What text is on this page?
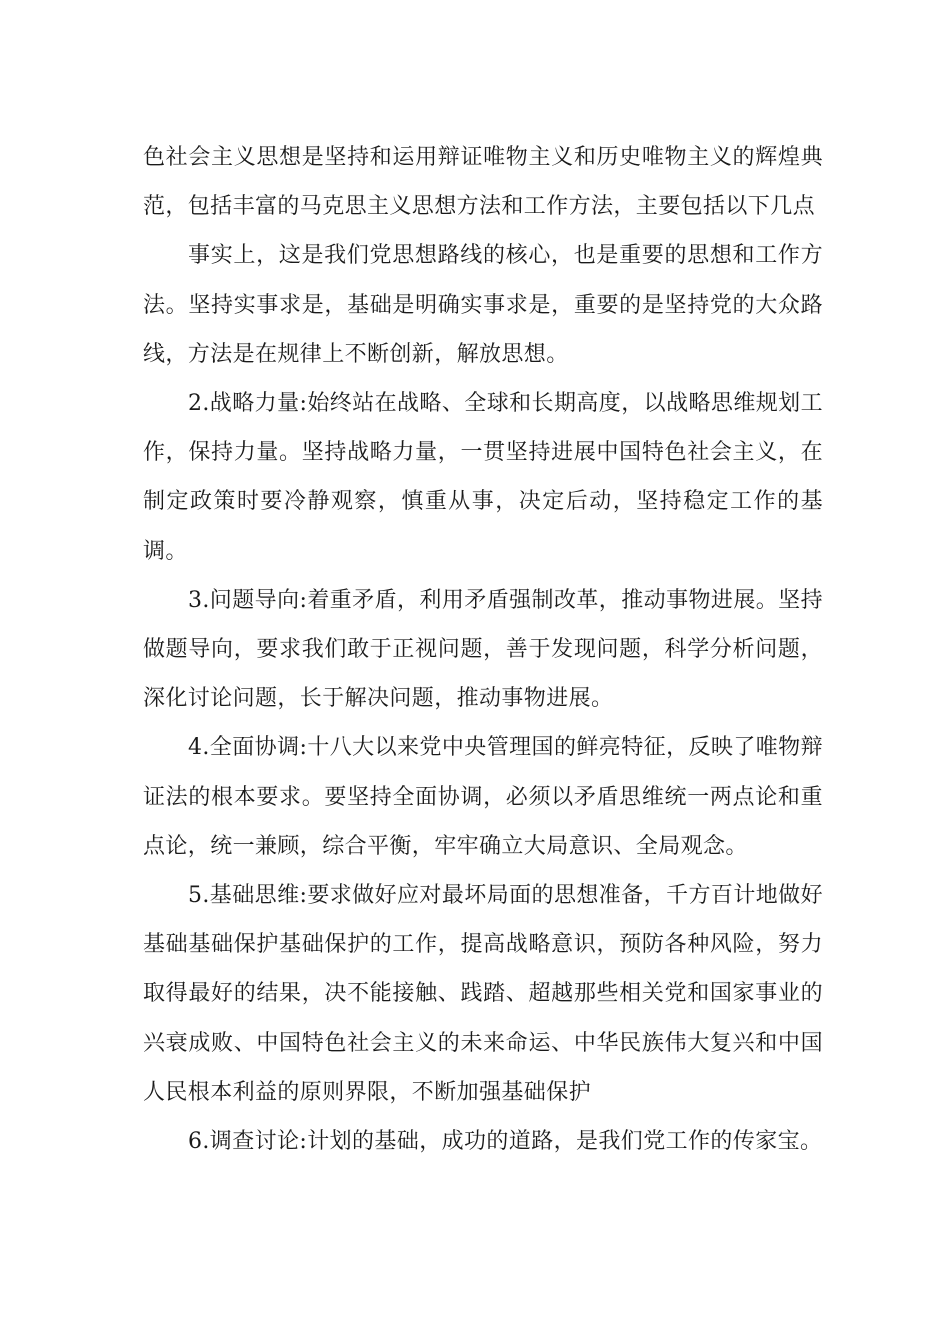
色社会主义思想是坚持和运用辩证唯物主义和历史唯物主义的辉煌典范，包括丰富的马克思主义思想方法和工作方法，主要包括以下几点

事实上，这是我们党思想路线的核心，也是重要的思想和工作方法。坚持实事求是，基础是明确实事求是，重要的是坚持党的大众路线，方法是在规律上不断创新，解放思想。

2.战略力量:始终站在战略、全球和长期高度，以战略思维规划工作，保持力量。坚持战略力量，一贯坚持进展中国特色社会主义，在制定政策时要冷静观察，慎重从事，决定后动，坚持稳定工作的基调。

3.问题导向:着重矛盾，利用矛盾强制改革，推动事物进展。坚持做题导向，要求我们敢于正视问题，善于发现问题，科学分析问题，深化讨论问题，长于解决问题，推动事物进展。

4.全面协调:十八大以来党中央管理国的鲜亮特征，反映了唯物辩证法的根本要求。要坚持全面协调，必须以矛盾思维统一两点论和重点论，统一兼顾，综合平衡，牢牢确立大局意识、全局观念。

5.基础思维:要求做好应对最坏局面的思想准备，千方百计地做好基础基础保护基础保护的工作，提高战略意识，预防各种风险，努力取得最好的结果，决不能接触、践踏、超越那些相关党和国家事业的兴衰成败、中国特色社会主义的未来命运、中华民族伟大复兴和中国人民根本利益的原则界限，不断加强基础保护

6.调查讨论:计划的基础，成功的道路，是我们党工作的传家宝。
